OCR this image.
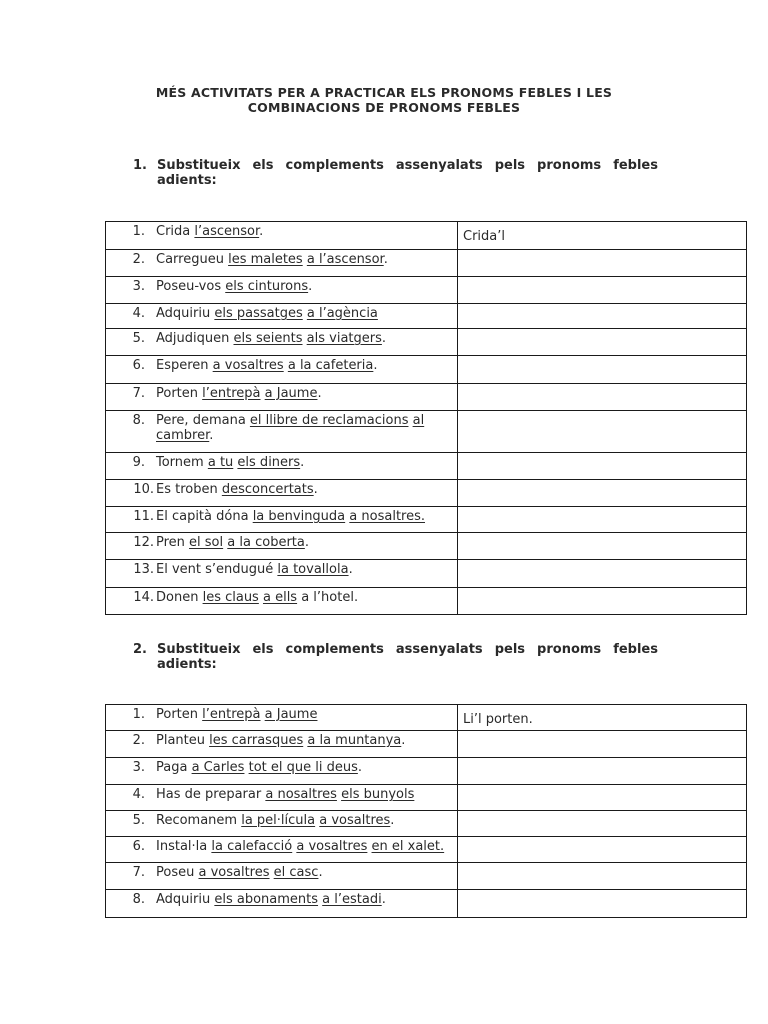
MÉS ACTIVITATS PER A PRACTICAR ELS PRONOMS FEBLES I LES
COMBINACIONS DE PRONOMS FEBLES
1. Substitueix els complements assenyalats pels pronoms febles
adients:
1. Crida l’ascensor.	Crida’l

2. Carregueu les maletes a l’ascensor.	

3. Poseu-vos els cinturons.	

4. Adquiriu els passatges a l’agència	

5. Adjudiquen els seients als viatgers.	

6. Esperen a vosaltres a la cafeteria.	

7. Porten l’entrepà a Jaume.	

8. Pere, demana el llibre de reclamacions al cambrer.	

9. Tornem a tu els diners.	

10. Es troben desconcertats.	

11. El capità dóna la benvinguda a nosaltres.	

12. Pren el sol a la coberta.	

13. El vent s’endugué la tovallola.	

14. Donen les claus a ells a l’hotel.	

2. Substitueix els complements assenyalats pels pronoms febles
adients:
1. Porten l’entrepà a Jaume	Li’l porten.

2. Planteu les carrasques a la muntanya.	

3. Paga a Carles tot el que li deus.	

4. Has de preparar a nosaltres els bunyols	

5. Recomanem la pel·lícula a vosaltres.	

6. Instal·la la calefacció a vosaltres en el xalet.	

7. Poseu a vosaltres el casc.	

8. Adquiriu els abonaments a l’estadi.	
